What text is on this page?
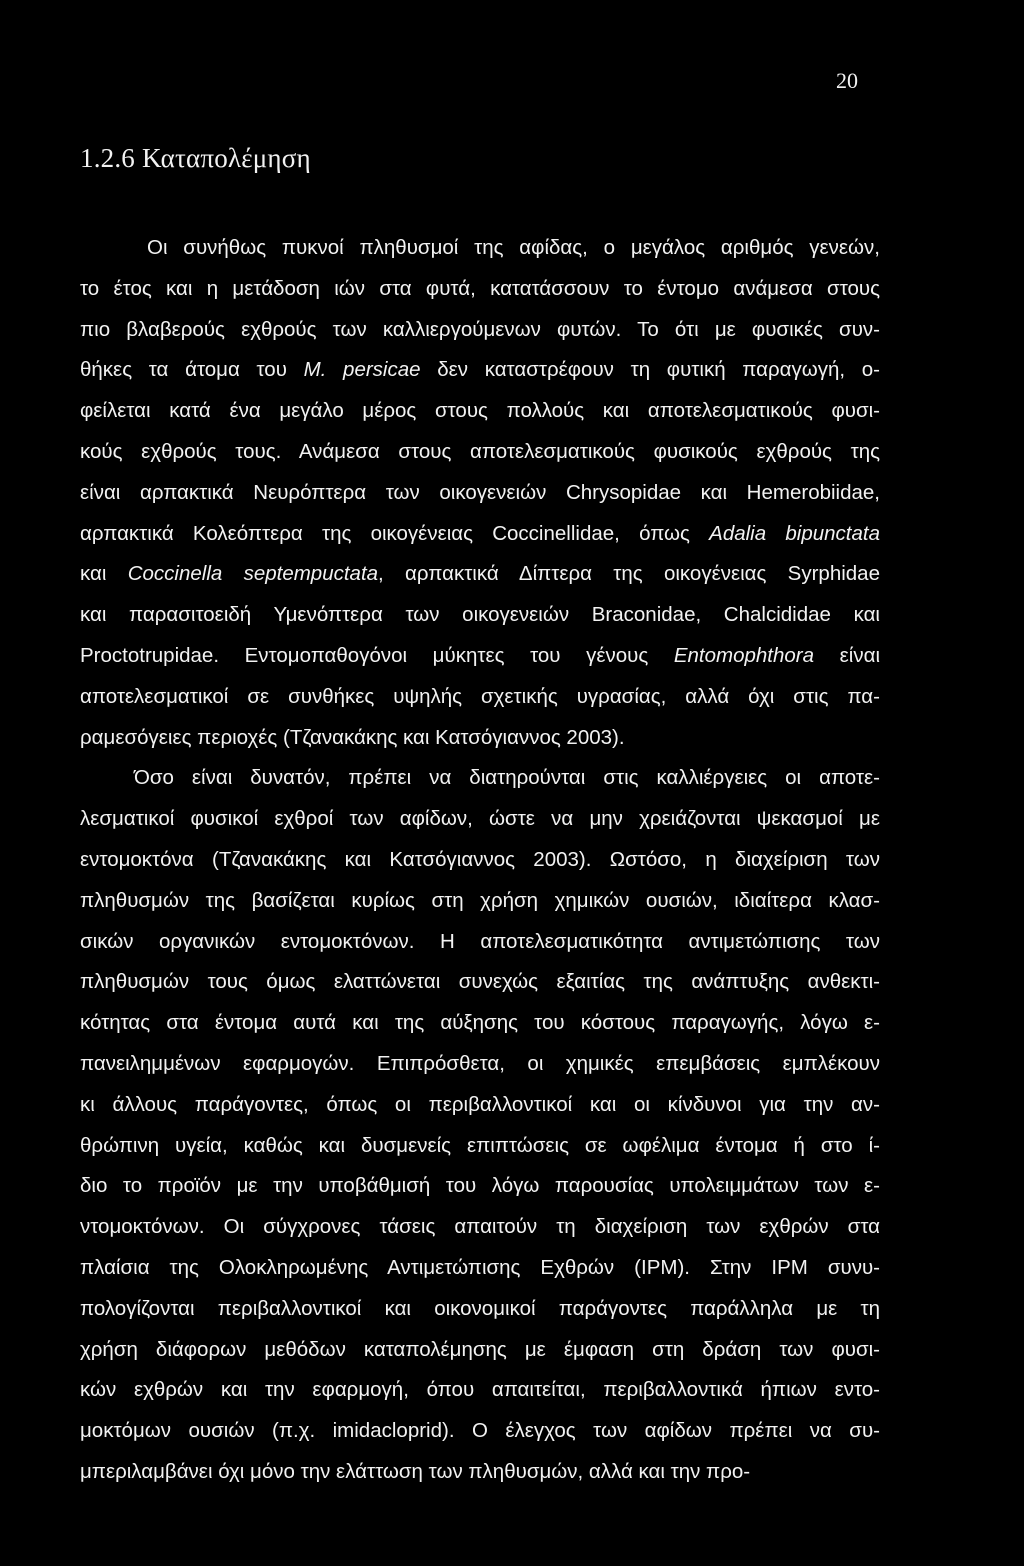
20
1.2.6 Καταπολέμηση
Οι συνήθως πυκνοί πληθυσμοί της αφίδας, ο μεγάλος αριθμός γενεών,
το έτος και η μετάδοση ιών στα φυτά, κατατάσσουν το έντομο ανάμεσα στους
πιο βλαβερούς εχθρούς των καλλιεργούμενων φυτών. Το ότι με φυσικές συν-
θήκες τα άτομα του Μ. persicae δεν καταστρέφουν τη φυτική παραγωγή, ο-
φείλεται κατά ένα μεγάλο μέρος στους πολλούς και αποτελεσματικούς φυσι-
κούς εχθρούς τους. Ανάμεσα στους αποτελεσματικούς φυσικούς εχθρούς της
είναι αρπακτικά Νευρόπτερα των οικογενειών Chrysopidae και Hemerobiidae,
αρπακτικά Κολεόπτερα της οικογένειας Coccinellidae, όπως Adalia bipunctata
και Coccinella septempuctata, αρπακτικά Δίπτερα της οικογένειας Syrphidae
και παρασιτοειδή Υμενόπτερα των οικογενειών Braconidae, Chalcididae και
Proctotrupidae. Εντομοπαθογόνοι μύκητες του γένους Entomophthora είναι
αποτελεσματικοί σε συνθήκες υψηλής σχετικής υγρασίας, αλλά όχι στις πα-
ραμεσόγειες περιοχές (Τζανακάκης και Κατσόγιαννος 2003).
Όσο είναι δυνατόν, πρέπει να διατηρούνται στις καλλιέργειες οι αποτε-
λεσματικοί φυσικοί εχθροί των αφίδων, ώστε να μην χρειάζονται ψεκασμοί με
εντομοκτόνα (Τζανακάκης και Κατσόγιαννος 2003). Ωστόσο, η διαχείριση των
πληθυσμών της βασίζεται κυρίως στη χρήση χημικών ουσιών, ιδιαίτερα κλασ-
σικών οργανικών εντομοκτόνων. Η αποτελεσματικότητα αντιμετώπισης των
πληθυσμών τους όμως ελαττώνεται συνεχώς εξαιτίας της ανάπτυξης ανθεκτι-
κότητας στα έντομα αυτά και της αύξησης του κόστους παραγωγής, λόγω ε-
πανειλημμένων εφαρμογών. Επιπρόσθετα, οι χημικές επεμβάσεις εμπλέκουν
κι άλλους παράγοντες, όπως οι περιβαλλοντικοί και οι κίνδυνοι για την αν-
θρώπινη υγεία, καθώς και δυσμενείς επιπτώσεις σε ωφέλιμα έντομα ή στο ί-
διο το προϊόν με την υποβάθμισή του λόγω παρουσίας υπολειμμάτων των ε-
ντομοκτόνων. Οι σύγχρονες τάσεις απαιτούν τη διαχείριση των εχθρών στα
πλαίσια της Ολοκληρωμένης Αντιμετώπισης Εχθρών (IPM). Στην IPM συνυ-
πολογίζονται περιβαλλοντικοί και οικονομικοί παράγοντες παράλληλα με τη
χρήση διάφορων μεθόδων καταπολέμησης με έμφαση στη δράση των φυσι-
κών εχθρών και την εφαρμογή, όπου απαιτείται, περιβαλλοντικά ήπιων εντο-
μοκτόμων ουσιών (π.χ. imidacloprid). Ο έλεγχος των αφίδων πρέπει να συ-
μπεριλαμβάνει όχι μόνο την ελάττωση των πληθυσμών, αλλά και την προ-
